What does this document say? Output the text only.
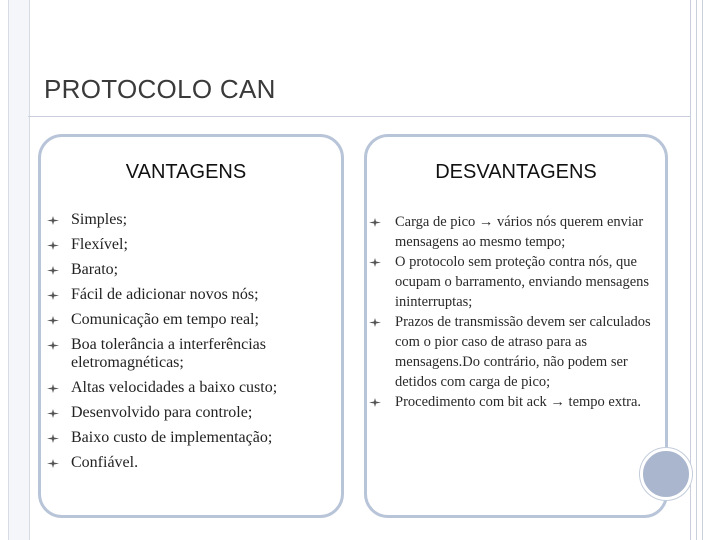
PROTOCOLO CAN
VANTAGENS
Simples;
Flexível;
Barato;
Fácil de adicionar novos nós;
Comunicação em tempo real;
Boa tolerância a interferências eletromagnéticas;
Altas velocidades a baixo custo;
Desenvolvido para controle;
Baixo custo de implementação;
Confiável.
DESVANTAGENS
Carga de pico → vários nós querem enviar mensagens ao mesmo tempo;
O protocolo sem proteção contra nós, que ocupam o barramento, enviando mensagens ininterruptas;
Prazos de transmissão devem ser calculados com o pior caso de atraso para as mensagens.Do contrário, não podem ser detidos com carga de pico;
Procedimento com bit ack → tempo extra.
